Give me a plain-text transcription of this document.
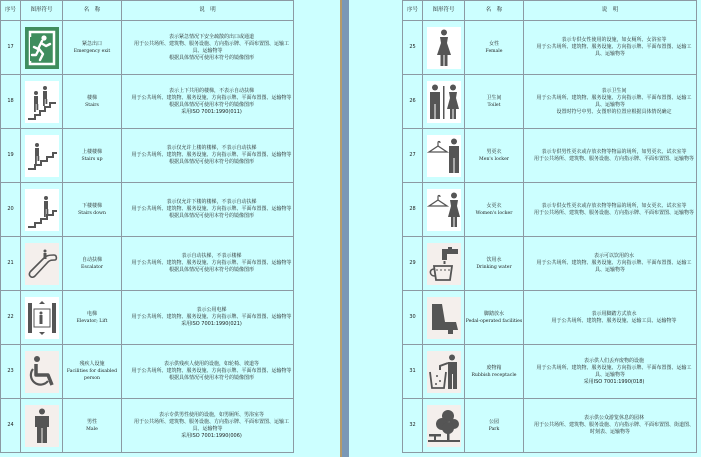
序号	图形符号	名　称	说　明
17		紧急出口
Emergency exit	表示紧急情况下安全疏散的出口或通道
用于公共场所、建筑物、服务设施、方向指示牌、平面布置图、运输工具、运输物等
根据具体情况可使用本符号的镜像图形

18		楼梯
Stairs	表示上下共用的楼梯，不表示自动扶梯
用于公共场所、建筑物、服务设施、方向指示牌、平面布置图、运输物等
根据具体情况可使用本符号的镜像图形
采用ISO 7001:1990(011)

19		上楼楼梯
Stairs up	表示仅允许上楼的楼梯，不表示自动扶梯
用于公共场所、建筑物、服务设施、方向指示牌、平面布置图、运输物等
根据具体情况可使用本符号的镜像图形

20		下楼楼梯
Stairs down	表示仅允许下楼的楼梯，不表示自动扶梯
用于公共场所、建筑物、服务设施、方向指示牌、平面布置图、运输物等
根据具体情况可使用本符号的镜像图形

21		自动扶梯
Escalator	表示自动扶梯，不表示楼梯
用于公共场所、建筑物、服务设施、方向指示牌、平面布置图、运输物等
根据具体情况可使用本符号的镜像图形

22		电梯
Elevator; Lift	表示公用电梯
用于公共场所、建筑物、服务设施、方向指示牌、平面布置图、运输物等
采用ISO 7001:1990(021)

23		残疾人设施
Facilities for disabled person	表示供残疾人使用的设施，如轮椅、坡道等
用于公共场所、建筑物、服务设施、方向指示牌、平面布置图、运输物等
根据具体情况可使用本符号的镜像图形

24		男性
Male	表示专供男性使用的设施，如男厕所、男浴室等
用于公共场所、建筑物、服务设施、方向指示牌、平面布置图、运输工具、运输物等
采用ISO 7001:1990(006)
序号	图形符号	名　称	说　明
25		女性
Female	表示专供女性使用的设施，如女厕所、女浴室等
用于公共场所、建筑物、服务设施、方向指示牌、平面布置图、运输工具、运输物等

26		卫生间
Toilet	表示卫生间
用于公共场所、建筑物、服务设施、方向指示牌、平面布置图、运输工具、运输物等
设置时符号中男、女图形的位置应根据具体情况确定

27		男更衣
Men's locker	表示专供男性更衣或存放衣物等物品的场所，如男更衣、试衣室等
用于公共场所、建筑物、服务设施、方向指示牌、平面布置图、运输物等

28		女更衣
Women's locker	表示专供女性更衣或存放衣物等物品的场所，如女更衣、试衣室等
用于公共场所、建筑物、服务设施、方向指示牌、平面布置图、运输物等

29		饮用水
Drinking water	表示可以饮用的水
用于公共场所、建筑物、服务设施、方向指示牌、平面布置图、运输工具、运输物等

30		脚踏放水
Pedal-operated facilities	表示用脚踏方式放水
用于公共场所、建筑物、服务设施、运输工具、运输物等

31		废物箱
Rubbish receptacle	表示供人们丢弃废物的设施
用于公共场所、建筑物、服务设施、方向指示牌、平面布置图、运输工具、运输物等
采用ISO 7001:1990(018)

32		公园
Park	表示供公众游览休息的园林
用于公共场所、建筑物、服务设施、方向指示牌、平面布置图、街道图、时刻表、运输物等
